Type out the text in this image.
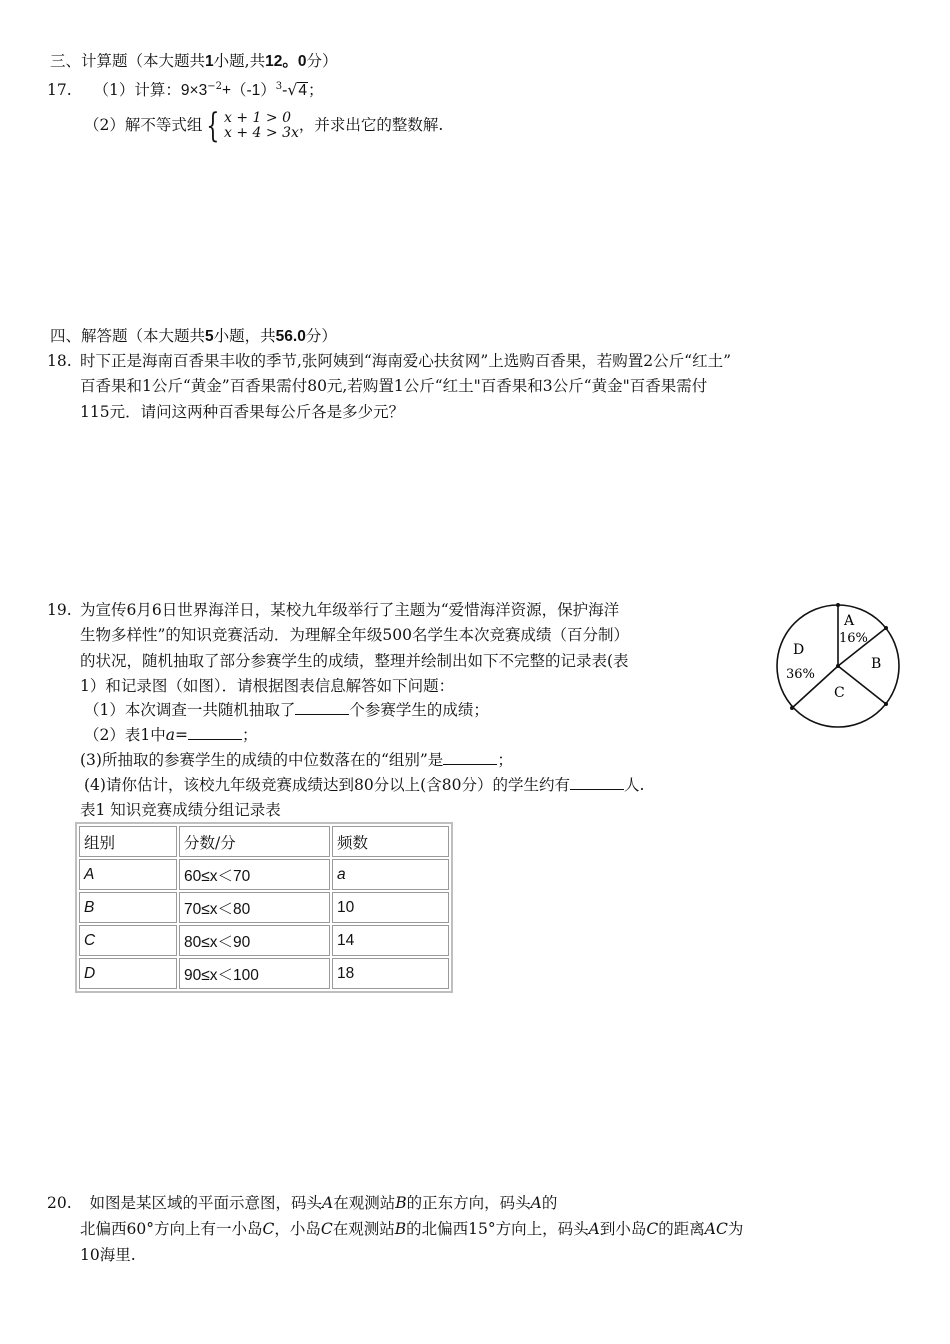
三、计算题（本大题共1小题,共12。0分）
17. （1）计算：$9\times 3^{-2}+(-1)^3-√4$；
（2）解不等式组 { x + 1 > 0
x + 4 > 3x，并求出它的整数解.
四、解答题（本大题共5小题，共56.0分）
18. 时下正是海南百香果丰收的季节,张阿姨到“海南爱心扶贫网”上选购百香果，若购置2公斤“红土”
百香果和1公斤“黄金”百香果需付80元,若购置1公斤“红土"百香果和3公斤“黄金"百香果需付
115元．请问这两种百香果每公斤各是多少元？
19. 为宣传6月6日世界海洋日，某校九年级举行了主题为“爱惜海洋资源，保护海洋
生物多样性”的知识竞赛活动．为理解全年级500名学生本次竞赛成绩（百分制）
的状况，随机抽取了部分参赛学生的成绩，整理并绘制出如下不完整的记录表(表
1）和记录图（如图）．请根据图表信息解答如下问题：
（1）本次调查一共随机抽取了	个参赛学生的成绩；
（2）表1中a=	；
(3)所抽取的参赛学生的成绩的中位数落在的“组别”是	；
(4)请你估计，该校九年级竞赛成绩达到80分以上(含80分）的学生约有	人.
表1 知识竞赛成绩分组记录表
组别	分数/分	频数
A	60≤x＜70	a
B	70≤x＜80	10
C	80≤x＜90	14
D	90≤x＜100	18
A
16%
B
C
D
36%
20. 如图是某区域的平面示意图，码头A在观测站B的正东方向，码头A的
北偏西60°方向上有一小岛C，小岛C在观测站B的北偏西15°方向上，码头A到小岛C的距离AC为
10海里.
